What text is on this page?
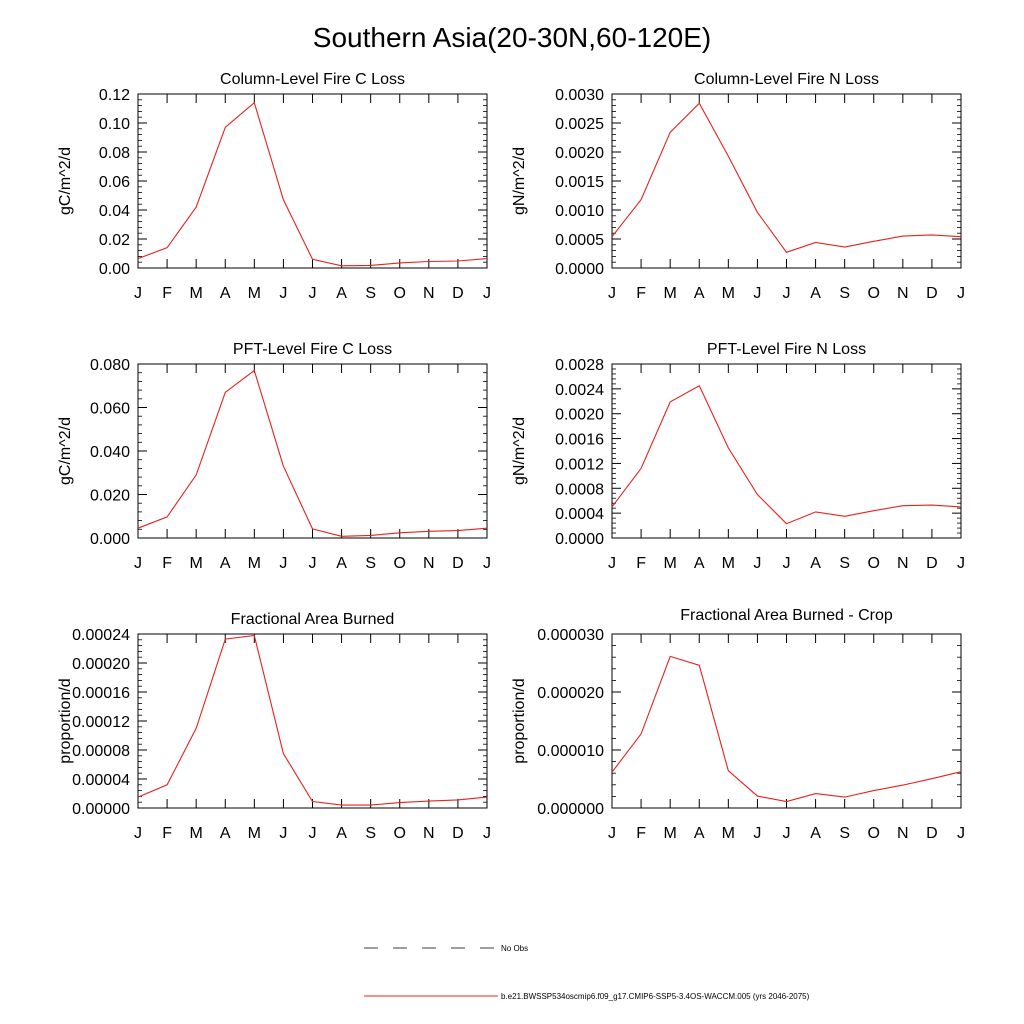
Southern Asia(20-30N,60-120E)
Column-Level Fire C Loss
gC/m^2/d
0.00
0.02
0.04
0.06
0.08
0.10
0.12
J F M A M J J A S O N D J
Column-Level Fire N Loss
gN/m^2/d
0.0000
0.0005
0.0010
0.0015
0.0020
0.0025
0.0030
J F M A M J J A S O N D J
PFT-Level Fire C Loss
gC/m^2/d
0.000
0.020
0.040
0.060
0.080
J F M A M J J A S O N D J
PFT-Level Fire N Loss
gN/m^2/d
0.0000
0.0004
0.0008
0.0012
0.0016
0.0020
0.0024
0.0028
J F M A M J J A S O N D J
Fractional Area Burned
proportion/d
0.00000
0.00004
0.00008
0.00012
0.00016
0.00020
0.00024
J F M A M J J A S O N D J
Fractional Area Burned - Crop
proportion/d
0.000000
0.000010
0.000020
0.000030
J F M A M J J A S O N D J
No Obs
b.e21.BWSSP534oscmip6.f09_g17.CMIP6-SSP5-3.4OS-WACCM.005 (yrs 2046-2075)
